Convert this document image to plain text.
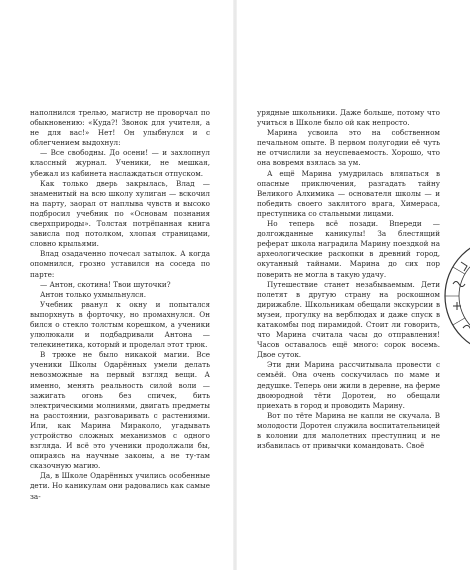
наполнился трелью, магистр не проворчал по обыкновению: «Куда?! Звонок для учителя, а не для вас!» Нет! Он улыбнулся и с облегчением выдохнул:

— Все свободны. До осени! — и захлопнул классный журнал. Ученики, не мешкая, убежал из кабинета наслаждаться отпуском.

Как только дверь закрылась, Влад — знаменитый на всю школу хулиган — вскочил на парту, заорал от наплыва чувств и высоко подбросил учебник по «Основам познания сверхприроды». Толстая потрёпанная книга зависла под потолком, хлопая страницами, словно крыльями.

Влад озадаченно почесал затылок. А когда опомнился, грозно уставился на соседа по парте:

— Антон, скотина! Твои шуточки?

Антон только ухмыльнулся.

Учебник рванул к окну и попытался выпорхнуть в форточку, но промахнулся. Он бился о стекло толстым корешком, а ученики улюлюкали и подбадривали Антона — телекинетика, который и проделал этот трюк.

В трюке не было никакой магии. Все ученики Школы Одарённых умели делать невозможные на первый взгляд вещи. А именно, менять реальность силой воли — зажигать огонь без спичек, бить электрическими молниями, двигать предметы на расстоянии, разговаривать с растениями. Или, как Марина Мираколо, угадывать устройство сложных механизмов с одного взгляда. И всё это ученики продолжали бы, опираясь на научные законы, а не ту-там сказочную магию.

Да, в Школе Одарённых учились особенные дети. Но каникулам они радовались как самые за-

урядные школьники. Даже больше, потому что учиться в Школе было ой как непросто.

Марина усвоила это на собственном печальном опыте. В первом полугодии её чуть не отчислили за неуспеваемость. Хорошо, что она вовремя взялась за ум.

А ещё Марина умудрилась вляпаться в опасные приключения, разгадать тайну Великого Алхимика — основателя школы — и победить своего заклятого врага, Химераса, преступника со стальными лицами.

Но теперь всё позади. Впереди — долгожданные каникулы! За блестящий реферат школа наградила Марину поездкой на археологические раскопки в древний город, окутанный тайнами. Марина до сих пор поверить не могла в такую удачу.

Путешествие станет незабываемым. Дети полетят в другую страну на роскошном дирижабле. Школьникам обещали экскурсии в музеи, прогулку на верблюдах и даже спуск в катакомбы под пирамидой. Стоит ли говорить, что Марина считала часы до отправления! Часов оставалось ещё много: сорок восемь. Двое суток.

Эти дни Марина рассчитывала провести с семьёй. Она очень соскучилась по маме и дедушке. Теперь они жили в деревне, на ферме двоюродной тёти Доротеи, но обещали приехать в город и проводить Марину.

Вот по тёте Марина не капли не скучала. В молодости Доротея служила воспитательницей в колонии для малолетних преступниц и не избавилась от привычки командовать. Своё
